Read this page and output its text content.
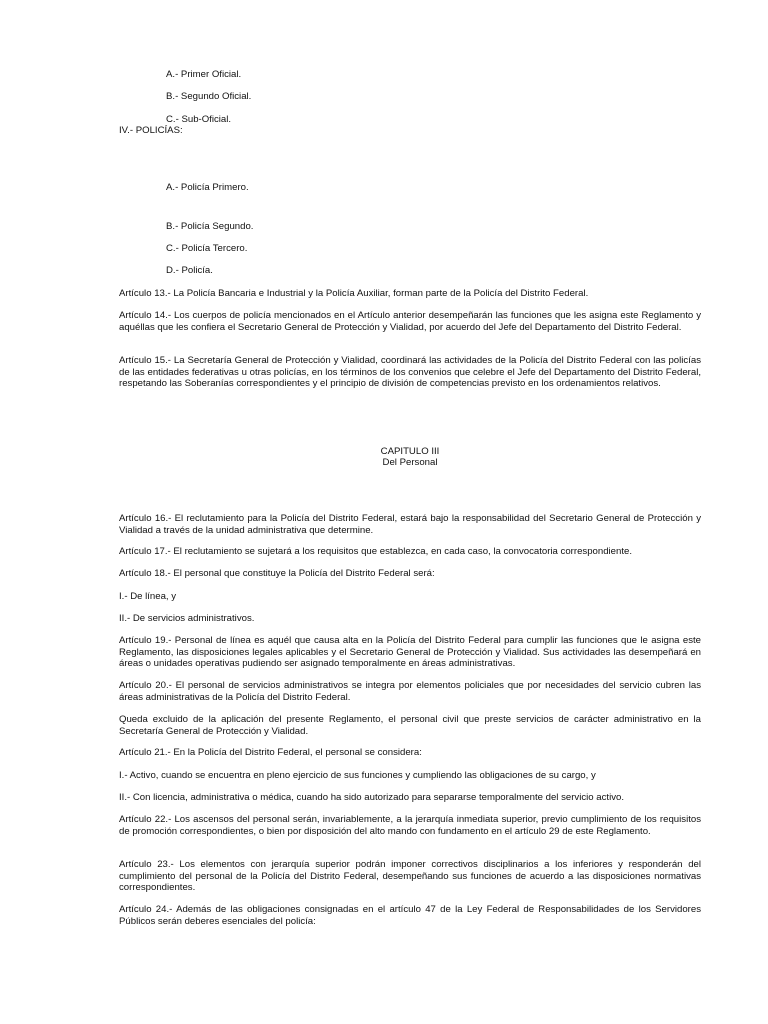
A.- Primer Oficial.
B.- Segundo Oficial.
C.- Sub-Oficial.
IV.- POLICÍAS:
A.- Policía Primero.
B.- Policía Segundo.
C.- Policía Tercero.
D.- Policía.
Artículo 13.- La Policía Bancaria e Industrial y la Policía Auxiliar, forman parte de la Policía del Distrito Federal.
Artículo 14.- Los cuerpos de policía mencionados en el Artículo anterior desempeñarán las funciones que les asigna este Reglamento y aquéllas que les confiera el Secretario General de Protección y Vialidad, por acuerdo del Jefe del Departamento del Distrito Federal.
Artículo 15.- La Secretaría General de Protección y Vialidad, coordinará las actividades de la Policía del Distrito Federal con las policías de las entidades federativas u otras policías, en los términos de los convenios que celebre el Jefe del Departamento del Distrito Federal, respetando las Soberanías correspondientes y el principio de división de competencias previsto en los ordenamientos relativos.
CAPITULO III
Del Personal
Artículo 16.- El reclutamiento para la Policía del Distrito Federal, estará bajo la responsabilidad del Secretario General de Protección y Vialidad a través de la unidad administrativa que determine.
Artículo 17.- El reclutamiento se sujetará a los requisitos que establezca, en cada caso, la convocatoria correspondiente.
Artículo 18.- El personal que constituye la Policía del Distrito Federal será:
I.- De línea, y
II.- De servicios administrativos.
Artículo 19.- Personal de línea es aquél que causa alta en la Policía del Distrito Federal para cumplir las funciones que le asigna este Reglamento, las disposiciones legales aplicables y el Secretario General de Protección y Vialidad. Sus actividades las desempeñará en áreas o unidades operativas pudiendo ser asignado temporalmente en áreas administrativas.
Artículo 20.- El personal de servicios administrativos se integra por elementos policiales que por necesidades del servicio cubren las áreas administrativas de la Policía del Distrito Federal.
Queda excluido de la aplicación del presente Reglamento, el personal civil que preste servicios de carácter administrativo en la Secretaría General de Protección y Vialidad.
Artículo 21.- En la Policía del Distrito Federal, el personal se considera:
I.- Activo, cuando se encuentra en pleno ejercicio de sus funciones y cumpliendo las obligaciones de su cargo, y
II.- Con licencia, administrativa o médica, cuando ha sido autorizado para separarse temporalmente del servicio activo.
Artículo 22.- Los ascensos del personal serán, invariablemente, a la jerarquía inmediata superior, previo cumplimiento de los requisitos de promoción correspondientes, o bien por disposición del alto mando con fundamento en el artículo 29 de este Reglamento.
Artículo 23.- Los elementos con jerarquía superior podrán imponer correctivos disciplinarios a los inferiores y responderán del cumplimiento del personal de la Policía del Distrito Federal, desempeñando sus funciones de acuerdo a las disposiciones normativas correspondientes.
Artículo 24.- Además de las obligaciones consignadas en el artículo 47 de la Ley Federal de Responsabilidades de los Servidores Públicos serán deberes esenciales del policía:
